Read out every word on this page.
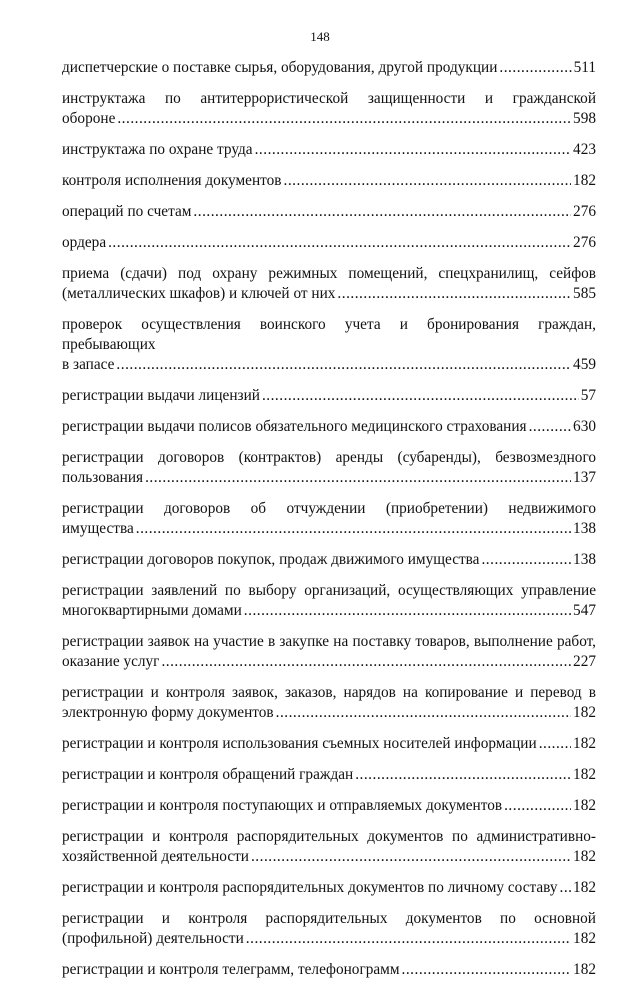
148
диспетчерские о поставке сырья, оборудования, другой продукции .....	511
инструктажа по антитеррористической защищенности и гражданской
обороне .....	598
инструктажа по охране труда .....	423
контроля исполнения документов .....	182
операций по счетам .....	276
ордера .....	276
приема (сдачи) под охрану режимных помещений, спецхранилищ, сейфов
(металлических шкафов) и ключей от них .....	585
проверок осуществления воинского учета и бронирования граждан, пребывающих
в запасе .....	459
регистрации выдачи лицензий .....	57
регистрации выдачи полисов обязательного медицинского страхования .....	630
регистрации договоров (контрактов) аренды (субаренды), безвозмездного
пользования .....	137
регистрации договоров об отчуждении (приобретении) недвижимого
имущества .....	138
регистрации договоров покупок, продаж движимого имущества .....	138
регистрации заявлений по выбору организаций, осуществляющих управление
многоквартирными домами .....	547
регистрации заявок на участие в закупке на поставку товаров, выполнение работ,
оказание услуг .....	227
регистрации и контроля заявок, заказов, нарядов на копирование и перевод в
электронную форму документов .....	182
регистрации и контроля использования съемных носителей информации ..... 182
регистрации и контроля обращений граждан .....	182
регистрации и контроля поступающих и отправляемых документов .....	182
регистрации и контроля распорядительных документов по административно-
хозяйственной деятельности .....	182
регистрации и контроля распорядительных документов по личному составу ..... 182
регистрации и контроля распорядительных документов по основной
(профильной) деятельности .....	182
регистрации и контроля телеграмм, телефонограмм .....	182
